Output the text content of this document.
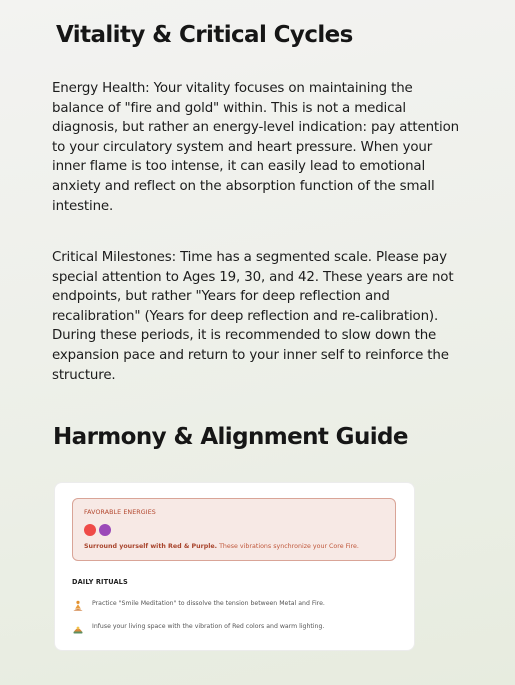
Vitality & Critical Cycles

Energy Health: Your vitality focuses on maintaining the balance of "fire and gold" within. This is not a medical diagnosis, but rather an energy-level indication: pay attention to your circulatory system and heart pressure. When your inner flame is too intense, it can easily lead to emotional anxiety and reflect on the absorption function of the small intestine.

Critical Milestones: Time has a segmented scale. Please pay special attention to Ages 19, 30, and 42. These years are not endpoints, but rather "Years for deep reflection and recalibration" (Years for deep reflection and re-calibration). During these periods, it is recommended to slow down the expansion pace and return to your inner self to reinforce the structure.

Harmony & Alignment Guide
FAVORABLE ENERGIES
Surround yourself with Red & Purple. These vibrations synchronize your Core Fire.
DAILY RITUALS
Practice "Smile Meditation" to dissolve the tension between Metal and Fire.
Infuse your living space with the vibration of Red colors and warm lighting.
